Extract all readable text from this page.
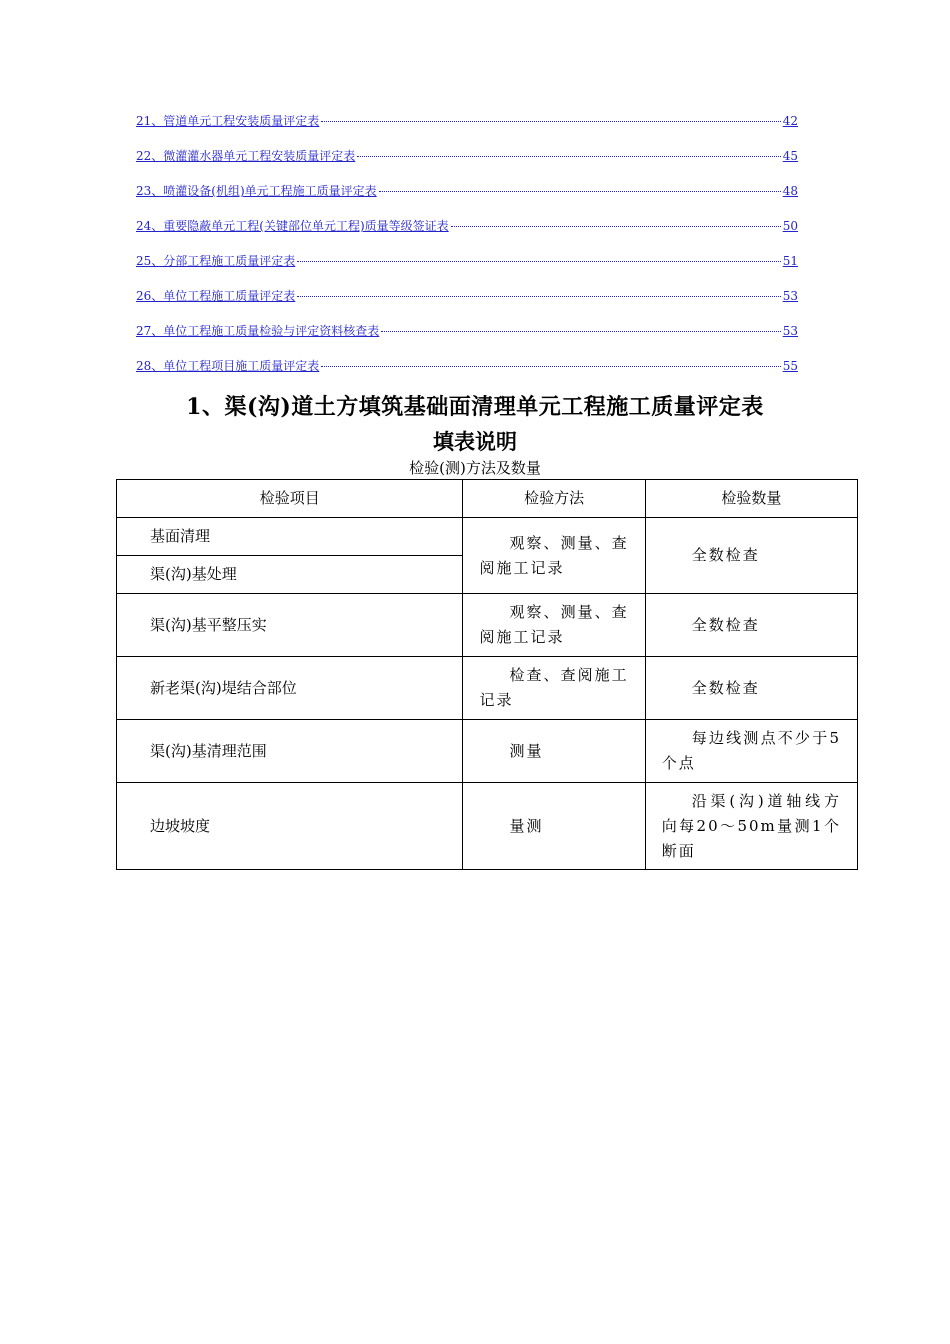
21、管道单元工程安装质量评定表	42
22、微灌灌水器单元工程安装质量评定表	45
23、喷灌设备(机组)单元工程施工质量评定表	48
24、重要隐蔽单元工程(关键部位单元工程)质量等级签证表	50
25、分部工程施工质量评定表	51
26、单位工程施工质量评定表	53
27、单位工程施工质量检验与评定资料核查表	53
28、单位工程项目施工质量评定表	55
1、渠(沟)道土方填筑基础面清理单元工程施工质量评定表
填表说明

检验(测)方法及数量

检验项目	检验方法	检验数量
基面清理	观察、测量、查阅施工记录	全数检查
渠(沟)基处理		
渠(沟)基平整压实	观察、测量、查阅施工记录	全数检查
新老渠(沟)堤结合部位	检查、查阅施工记录	全数检查
渠(沟)基清理范围	测量	每边线测点不少于5个点
边坡坡度	量测	沿渠(沟)道轴线方向每20～50m量测1个断面
